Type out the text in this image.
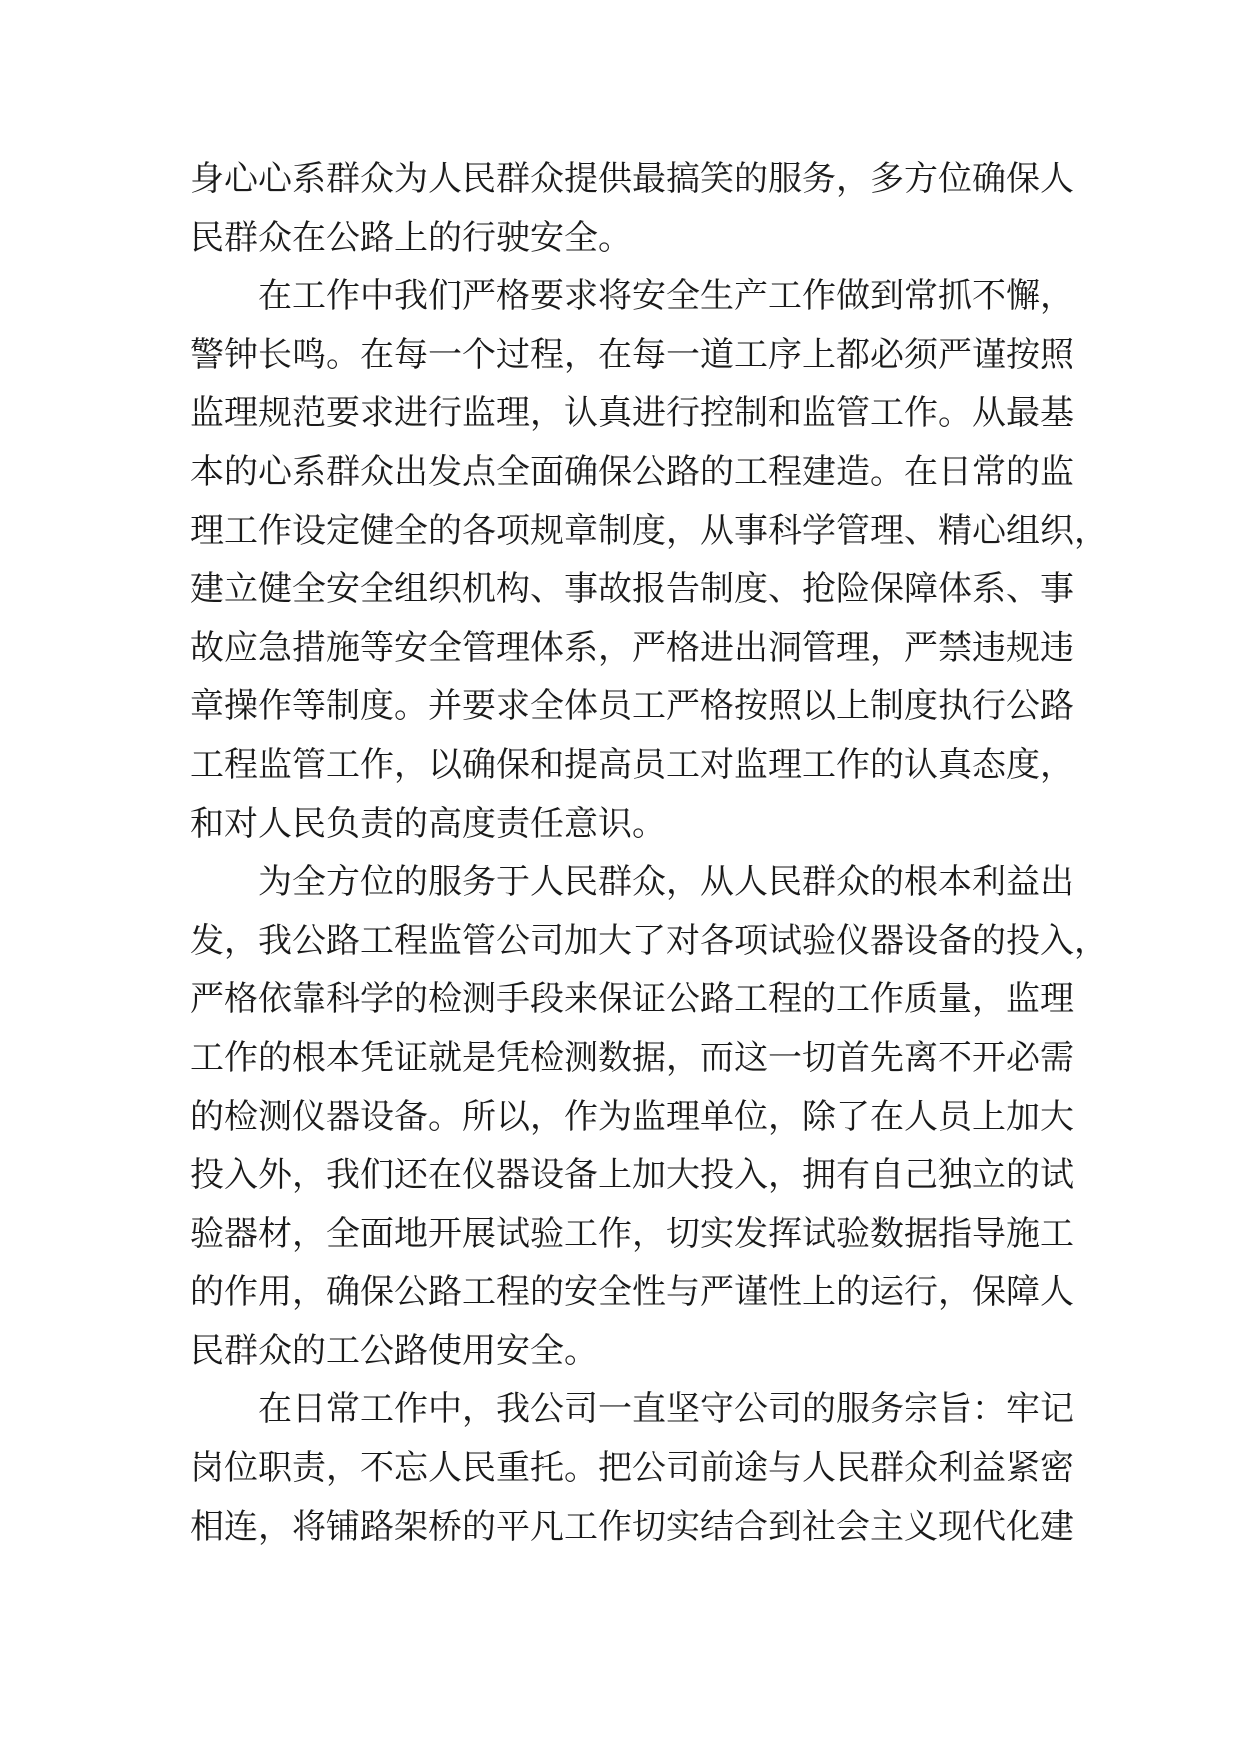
身心心系群众为人民群众提供最搞笑的服务，多方位确保人
民群众在公路上的行驶安全。
在工作中我们严格要求将安全生产工作做到常抓不懈，
警钟长鸣。在每一个过程，在每一道工序上都必须严谨按照
监理规范要求进行监理，认真进行控制和监管工作。从最基
本的心系群众出发点全面确保公路的工程建造。在日常的监
理工作设定健全的各项规章制度，从事科学管理、精心组织，
建立健全安全组织机构、事故报告制度、抢险保障体系、事
故应急措施等安全管理体系，严格进出洞管理，严禁违规违
章操作等制度。并要求全体员工严格按照以上制度执行公路
工程监管工作，以确保和提高员工对监理工作的认真态度，
和对人民负责的高度责任意识。
为全方位的服务于人民群众，从人民群众的根本利益出
发，我公路工程监管公司加大了对各项试验仪器设备的投入，
严格依靠科学的检测手段来保证公路工程的工作质量，监理
工作的根本凭证就是凭检测数据，而这一切首先离不开必需
的检测仪器设备。所以，作为监理单位，除了在人员上加大
投入外，我们还在仪器设备上加大投入，拥有自己独立的试
验器材，全面地开展试验工作，切实发挥试验数据指导施工
的作用，确保公路工程的安全性与严谨性上的运行，保障人
民群众的工公路使用安全。
在日常工作中，我公司一直坚守公司的服务宗旨：牢记
岗位职责，不忘人民重托。把公司前途与人民群众利益紧密
相连，将铺路架桥的平凡工作切实结合到社会主义现代化建
